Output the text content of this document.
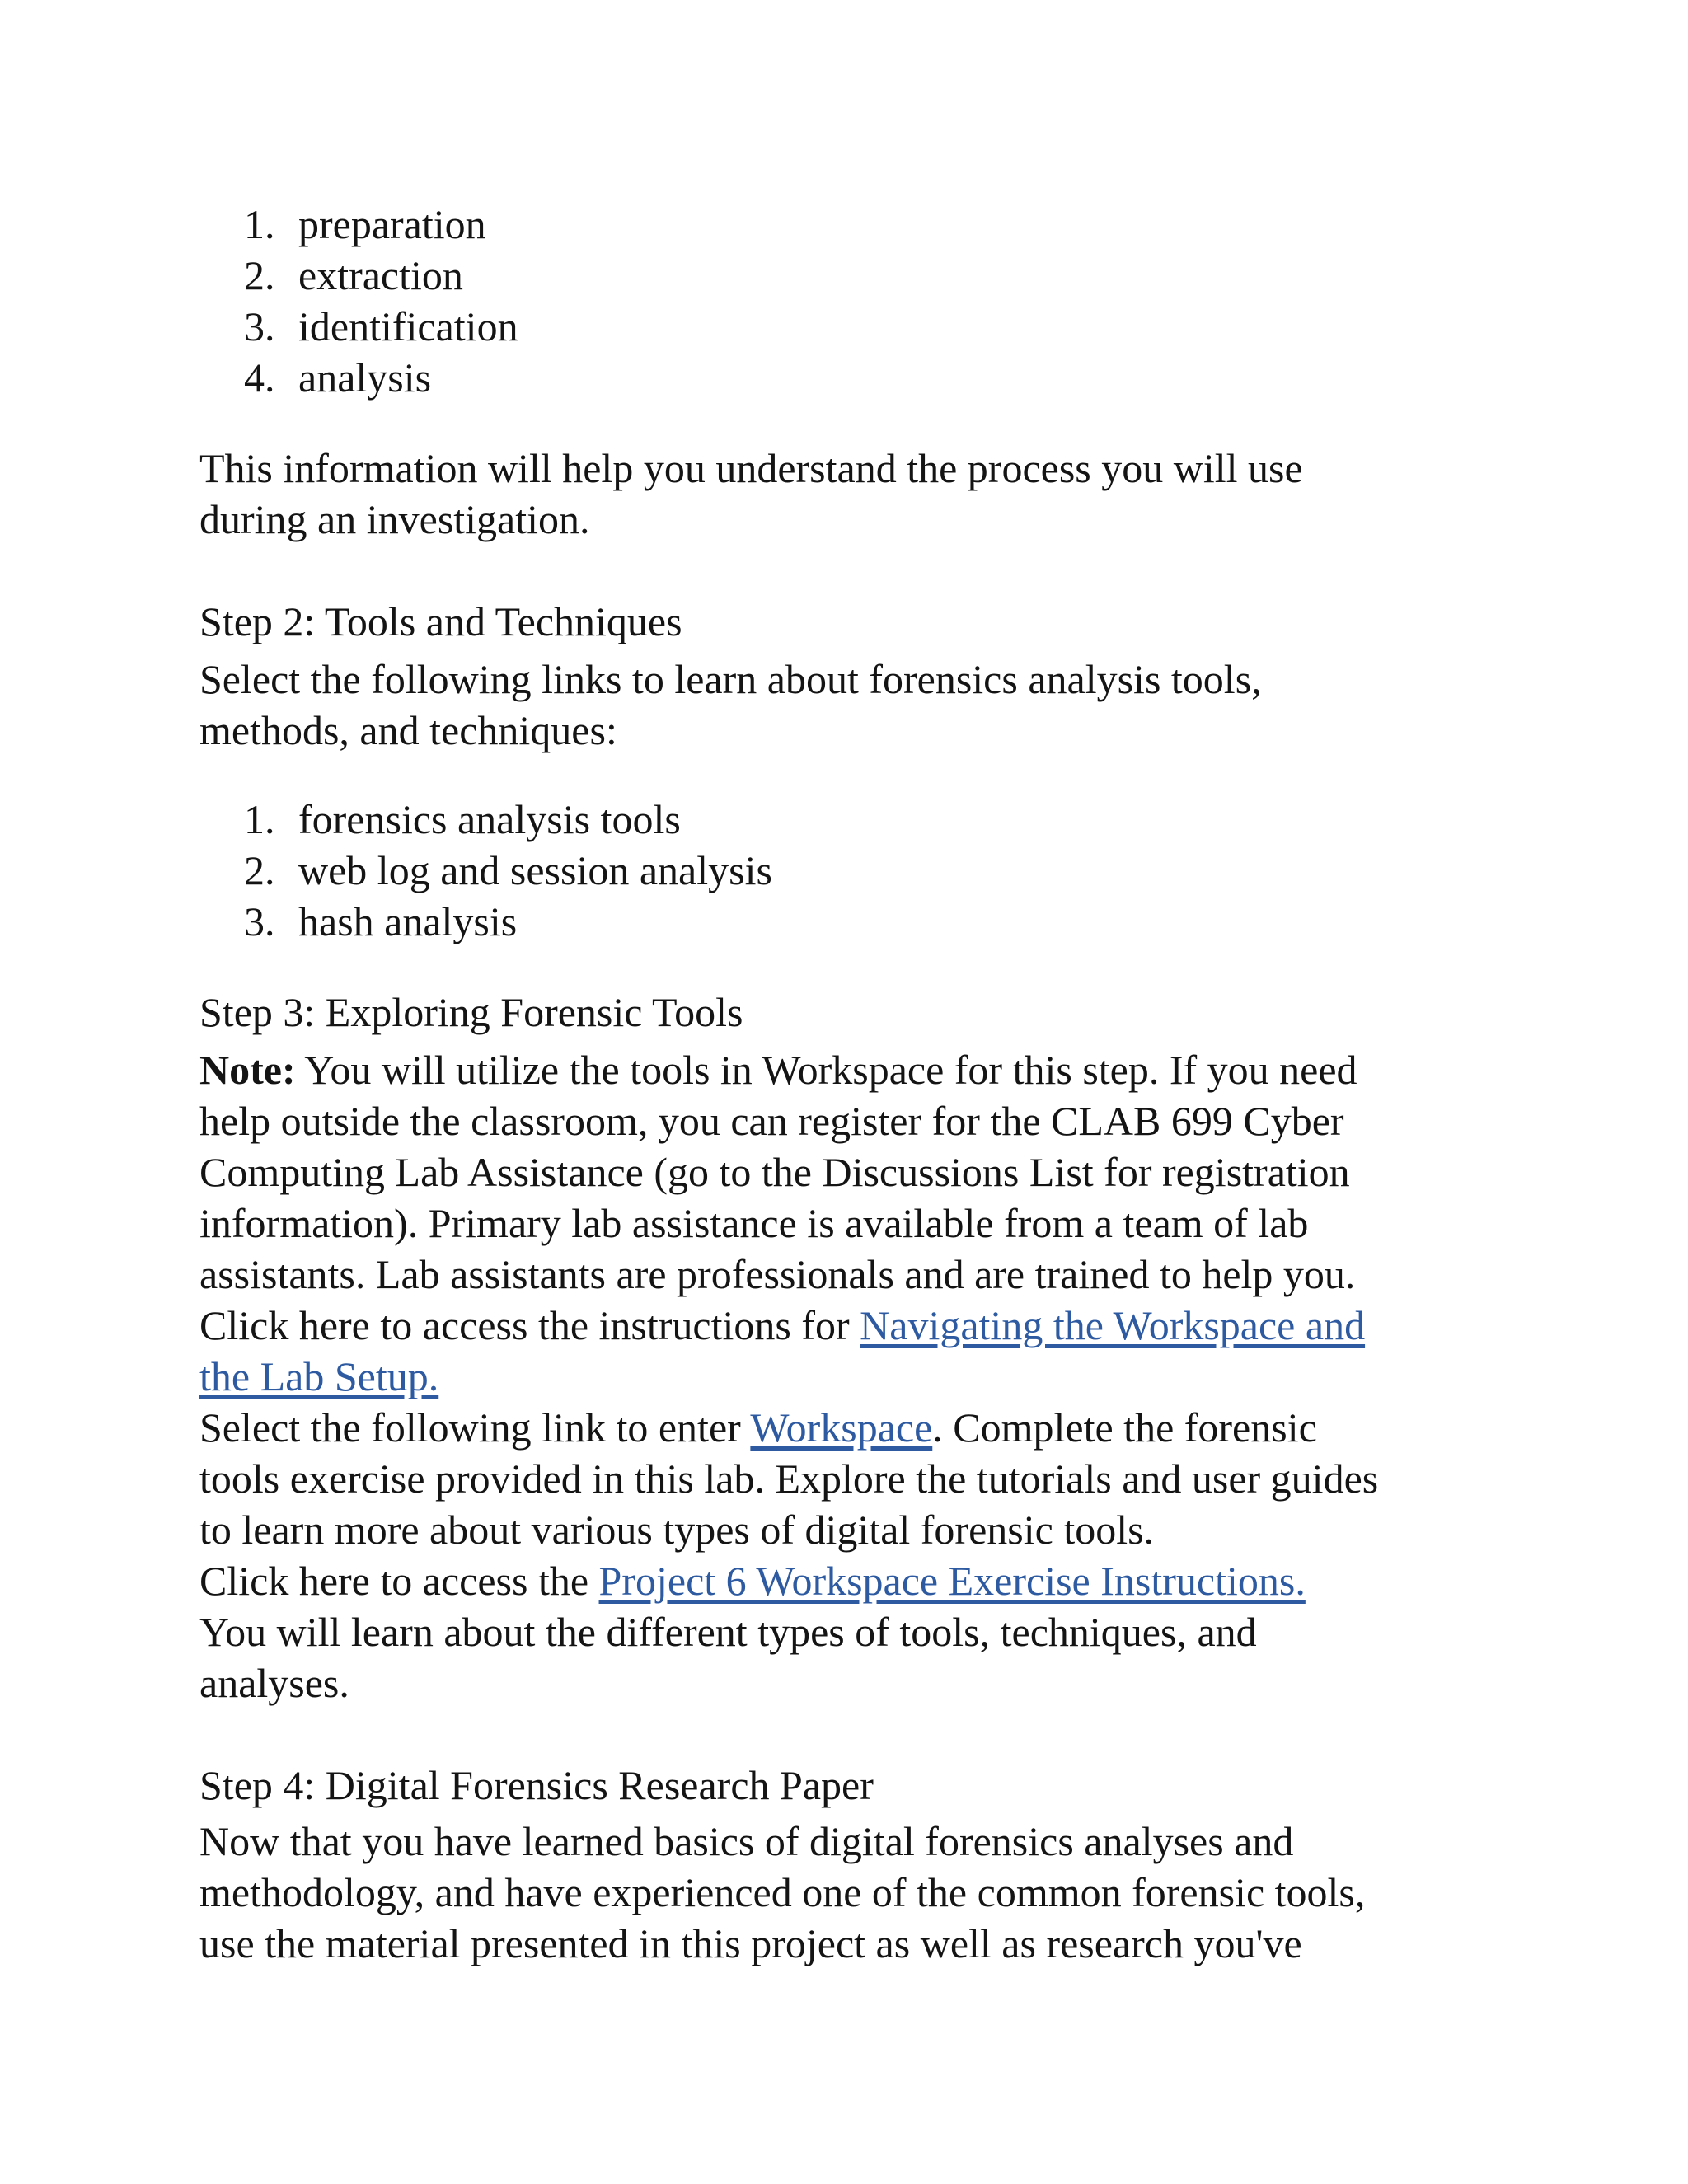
1. preparation
2. extraction
3. identification
4. analysis

This information will help you understand the process you will use
during an investigation.

Step 2: Tools and Techniques

Select the following links to learn about forensics analysis tools,
methods, and techniques:

1. forensics analysis tools
2. web log and session analysis
3. hash analysis

Step 3: Exploring Forensic Tools

Note: You will utilize the tools in Workspace for this step. If you need
help outside the classroom, you can register for the CLAB 699 Cyber
Computing Lab Assistance (go to the Discussions List for registration
information). Primary lab assistance is available from a team of lab
assistants. Lab assistants are professionals and are trained to help you.
Click here to access the instructions for Navigating the Workspace and
the Lab Setup.
Select the following link to enter Workspace. Complete the forensic
tools exercise provided in this lab. Explore the tutorials and user guides
to learn more about various types of digital forensic tools.
Click here to access the Project 6 Workspace Exercise Instructions.
You will learn about the different types of tools, techniques, and
analyses.

Step 4: Digital Forensics Research Paper

Now that you have learned basics of digital forensics analyses and
methodology, and have experienced one of the common forensic tools,
use the material presented in this project as well as research you've
